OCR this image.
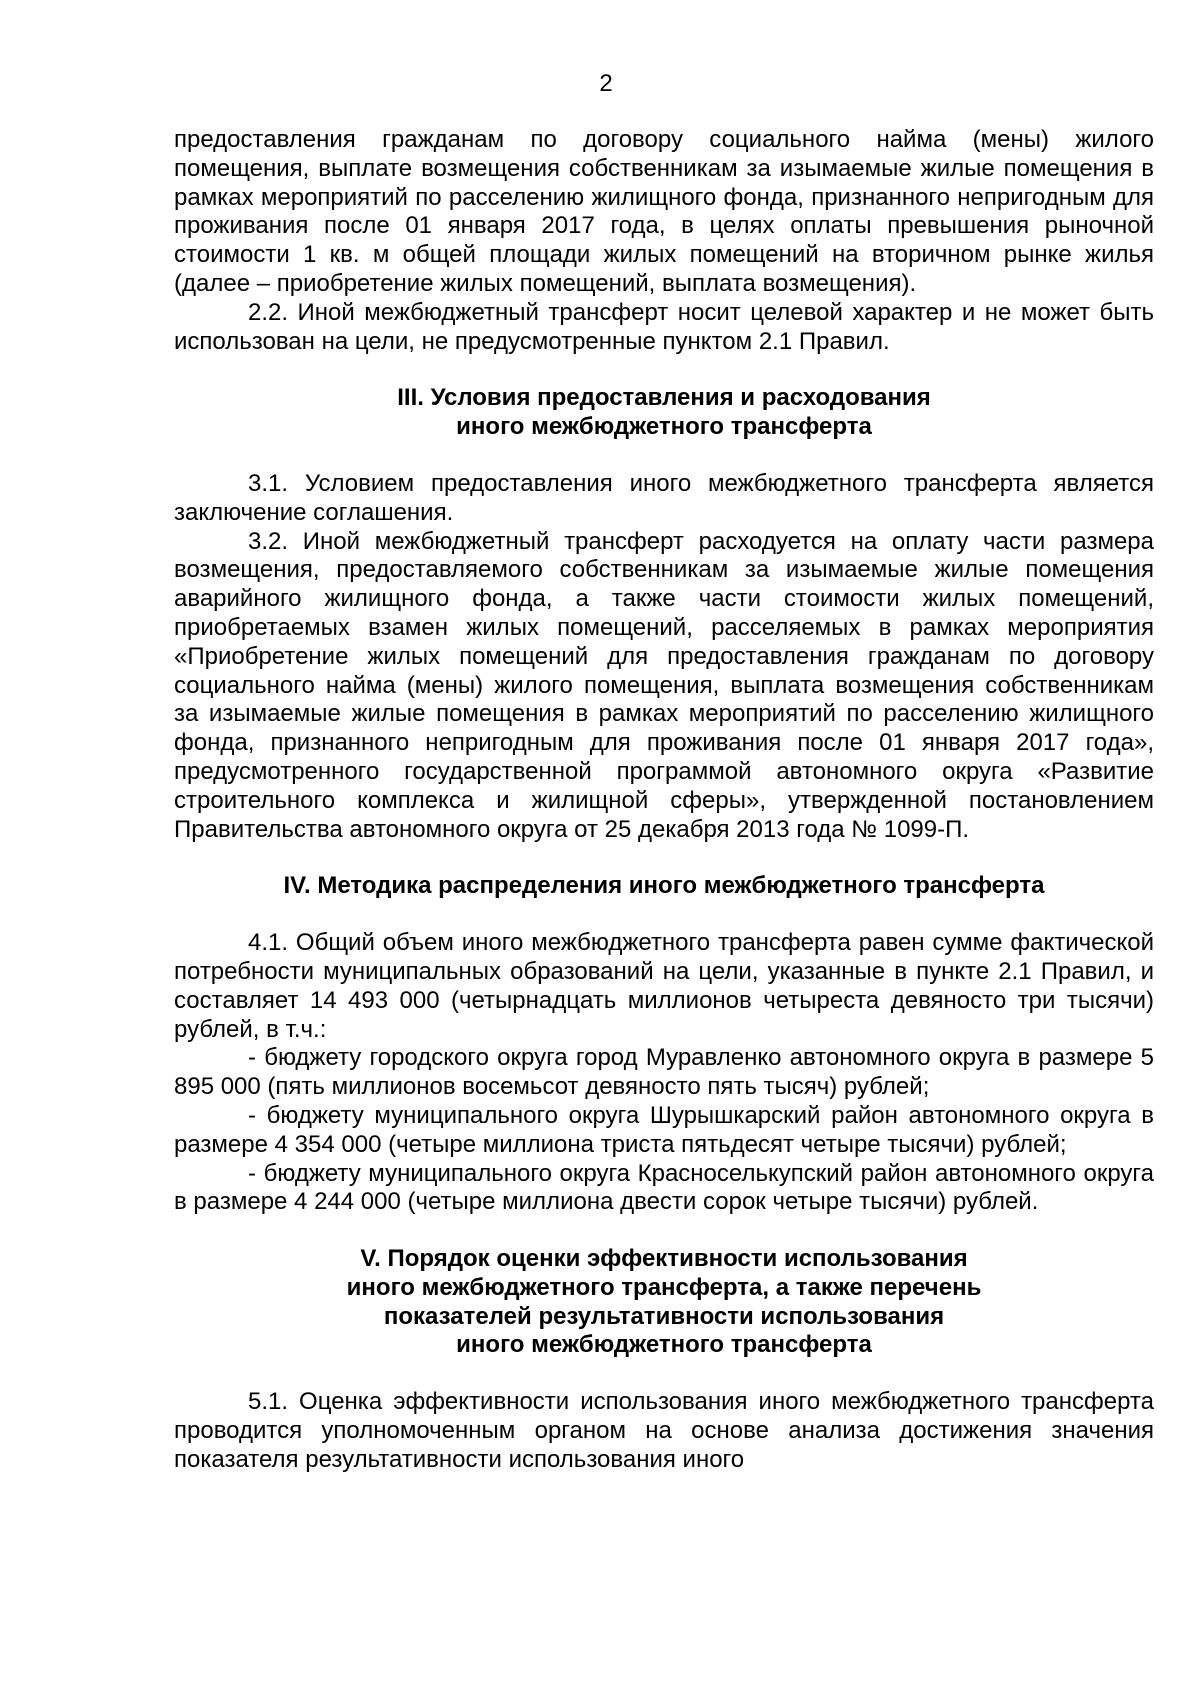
2

предоставления гражданам по договору социального найма (мены) жилого помещения, выплате возмещения собственникам за изымаемые жилые помещения в рамках мероприятий по расселению жилищного фонда, признанного непригодным для проживания после 01 января 2017 года, в целях оплаты превышения рыночной стоимости 1 кв. м общей площади жилых помещений на вторичном рынке жилья (далее – приобретение жилых помещений, выплата возмещения).

2.2. Иной межбюджетный трансферт носит целевой характер и не может быть использован на цели, не предусмотренные пунктом 2.1 Правил.

III. Условия предоставления и расходования
иного межбюджетного трансферта

3.1. Условием предоставления иного межбюджетного трансферта является заключение соглашения.

3.2. Иной межбюджетный трансферт расходуется на оплату части размера возмещения, предоставляемого собственникам за изымаемые жилые помещения аварийного жилищного фонда, а также части стоимости жилых помещений, приобретаемых взамен жилых помещений, расселяемых в рамках мероприятия «Приобретение жилых помещений для предоставления гражданам по договору социального найма (мены) жилого помещения, выплата возмещения собственникам за изымаемые жилые помещения в рамках мероприятий по расселению жилищного фонда, признанного непригодным для проживания после 01 января 2017 года», предусмотренного государственной программой автономного округа «Развитие строительного комплекса и жилищной сферы», утвержденной постановлением Правительства автономного округа от 25 декабря 2013 года № 1099-П.

IV. Методика распределения иного межбюджетного трансферта

4.1. Общий объем иного межбюджетного трансферта равен сумме фактической потребности муниципальных образований на цели, указанные в пункте 2.1 Правил, и составляет 14 493 000 (четырнадцать миллионов четыреста девяносто три тысячи) рублей, в т.ч.:

- бюджету городского округа город Муравленко автономного округа в размере 5 895 000 (пять миллионов восемьсот девяносто пять тысяч) рублей;

- бюджету муниципального округа Шурышкарский район автономного округа в размере 4 354 000 (четыре миллиона триста пятьдесят четыре тысячи) рублей;

- бюджету муниципального округа Красноселькупский район автономного округа в размере 4 244 000 (четыре миллиона двести сорок четыре тысячи) рублей.

V. Порядок оценки эффективности использования
иного межбюджетного трансферта, а также перечень
показателей результативности использования
иного межбюджетного трансферта

5.1. Оценка эффективности использования иного межбюджетного трансферта проводится уполномоченным органом на основе анализа достижения значения показателя результативности использования иного
